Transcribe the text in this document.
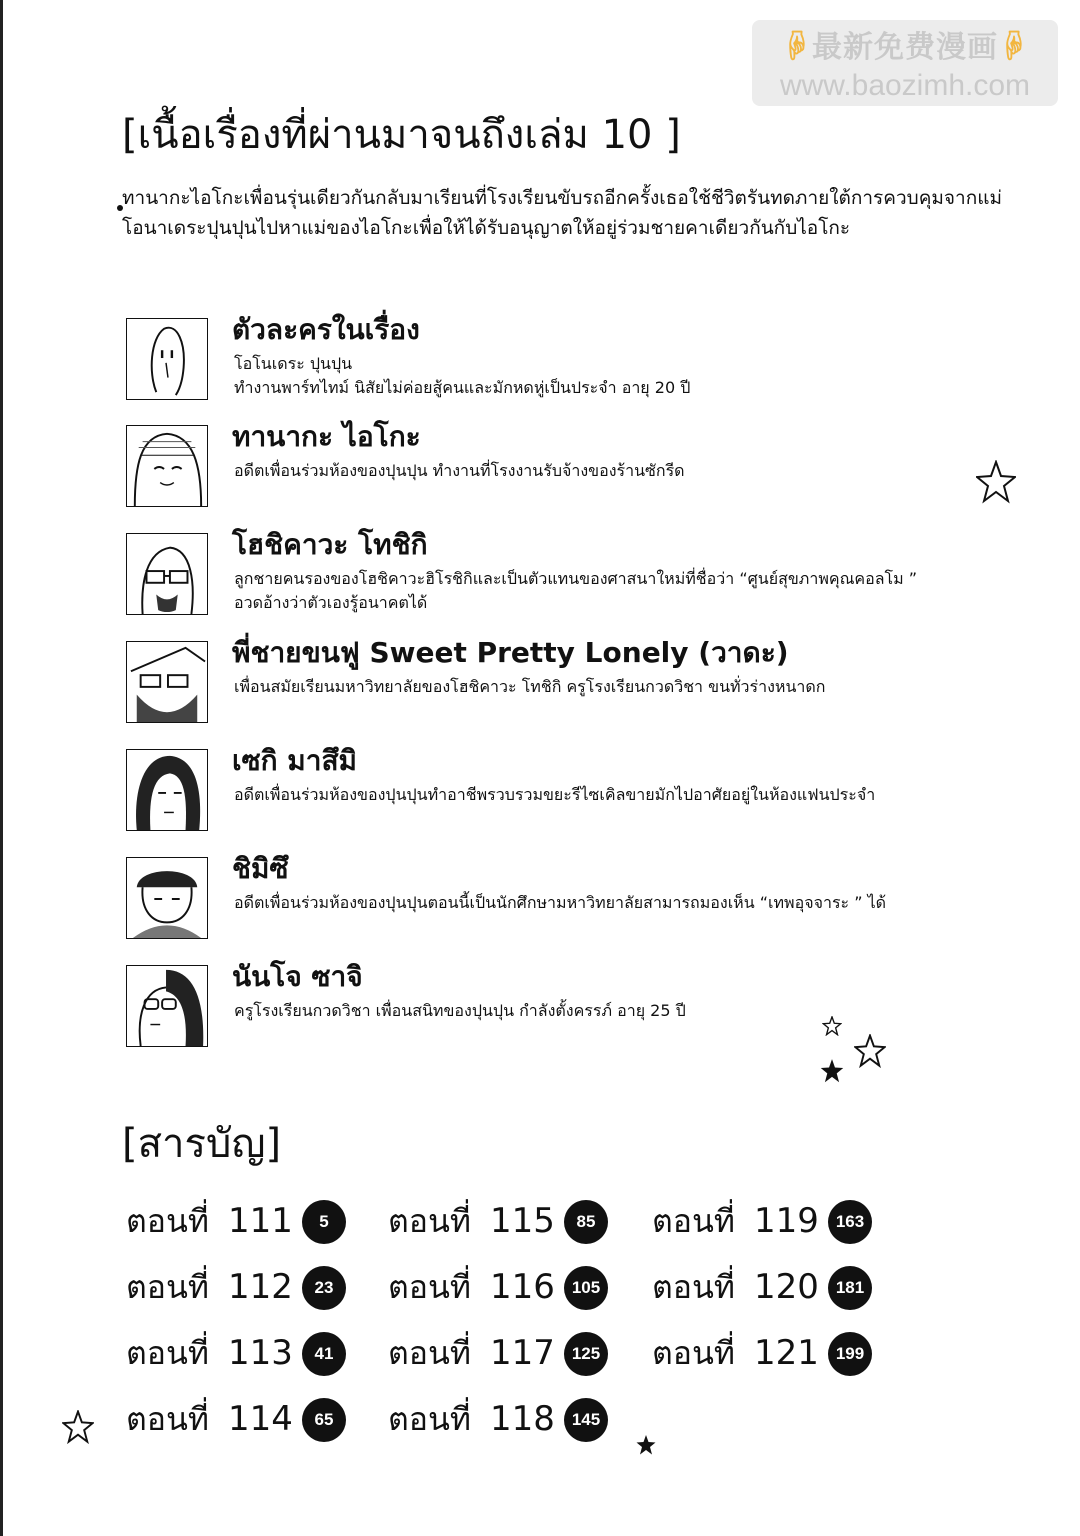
☟最新免费漫画☟
www.baozimh.com
[เนื้อเรื่องที่ผ่านมาจนถึงเล่ม 10 ]
ทานากะไอโกะเพื่อนรุ่นเดียวกันกลับมาเรียนที่โรงเรียนขับรถอีกครั้งเธอใช้ชีวิตรันทดภายใต้การควบคุมจากแม่โอนาเดระปุนปุนไปหาแม่ของไอโกะเพื่อให้ได้รับอนุญาตให้อยู่ร่วมชายคาเดียวกันกับไอโกะ
ตัวละครในเรื่อง
โอโนเดระ ปุนปุน
ทำงานพาร์ทไทม์ นิสัยไม่ค่อยสู้คนและมักหดหู่เป็นประจำ อายุ 20 ปี
ทานากะ ไอโกะ
อดีตเพื่อนร่วมห้องของปุนปุน ทำงานที่โรงงานรับจ้างของร้านซักรีด
โฮชิคาวะ โทชิกิ
ลูกชายคนรองของโฮชิคาวะฮิโรชิกิและเป็นตัวแทนของศาสนาใหม่ที่ชื่อว่า “ศูนย์สุขภาพคุณคอลโม ”
อวดอ้างว่าตัวเองรู้อนาคตได้
พี่ชายขนฟู Sweet Pretty Lonely (วาดะ)
เพื่อนสมัยเรียนมหาวิทยาลัยของโฮชิคาวะ โทชิกิ ครูโรงเรียนกวดวิชา ขนทั่วร่างหนาดก
เซกิ มาสึมิ
อดีตเพื่อนร่วมห้องของปุนปุนทำอาชีพรวบรวมขยะรีไซเคิลขายมักไปอาศัยอยู่ในห้องแฟนประจำ
ชิมิซึ
อดีตเพื่อนร่วมห้องของปุนปุนตอนนี้เป็นนักศึกษามหาวิทยาลัยสามารถมองเห็น “เทพอุจจาระ ” ได้
นันโจ ซาจิ
ครูโรงเรียนกวดวิชา เพื่อนสนิทของปุนปุน กำลังตั้งครรภ์ อายุ 25 ปี
[สารบัญ]
ตอนที่ 111	5
ตอนที่ 112	23
ตอนที่ 113	41
ตอนที่ 114	65
ตอนที่ 115	85
ตอนที่ 116 105
ตอนที่ 117 125
ตอนที่ 118 145
ตอนที่ 119 163
ตอนที่ 120 181
ตอนที่ 121 199
